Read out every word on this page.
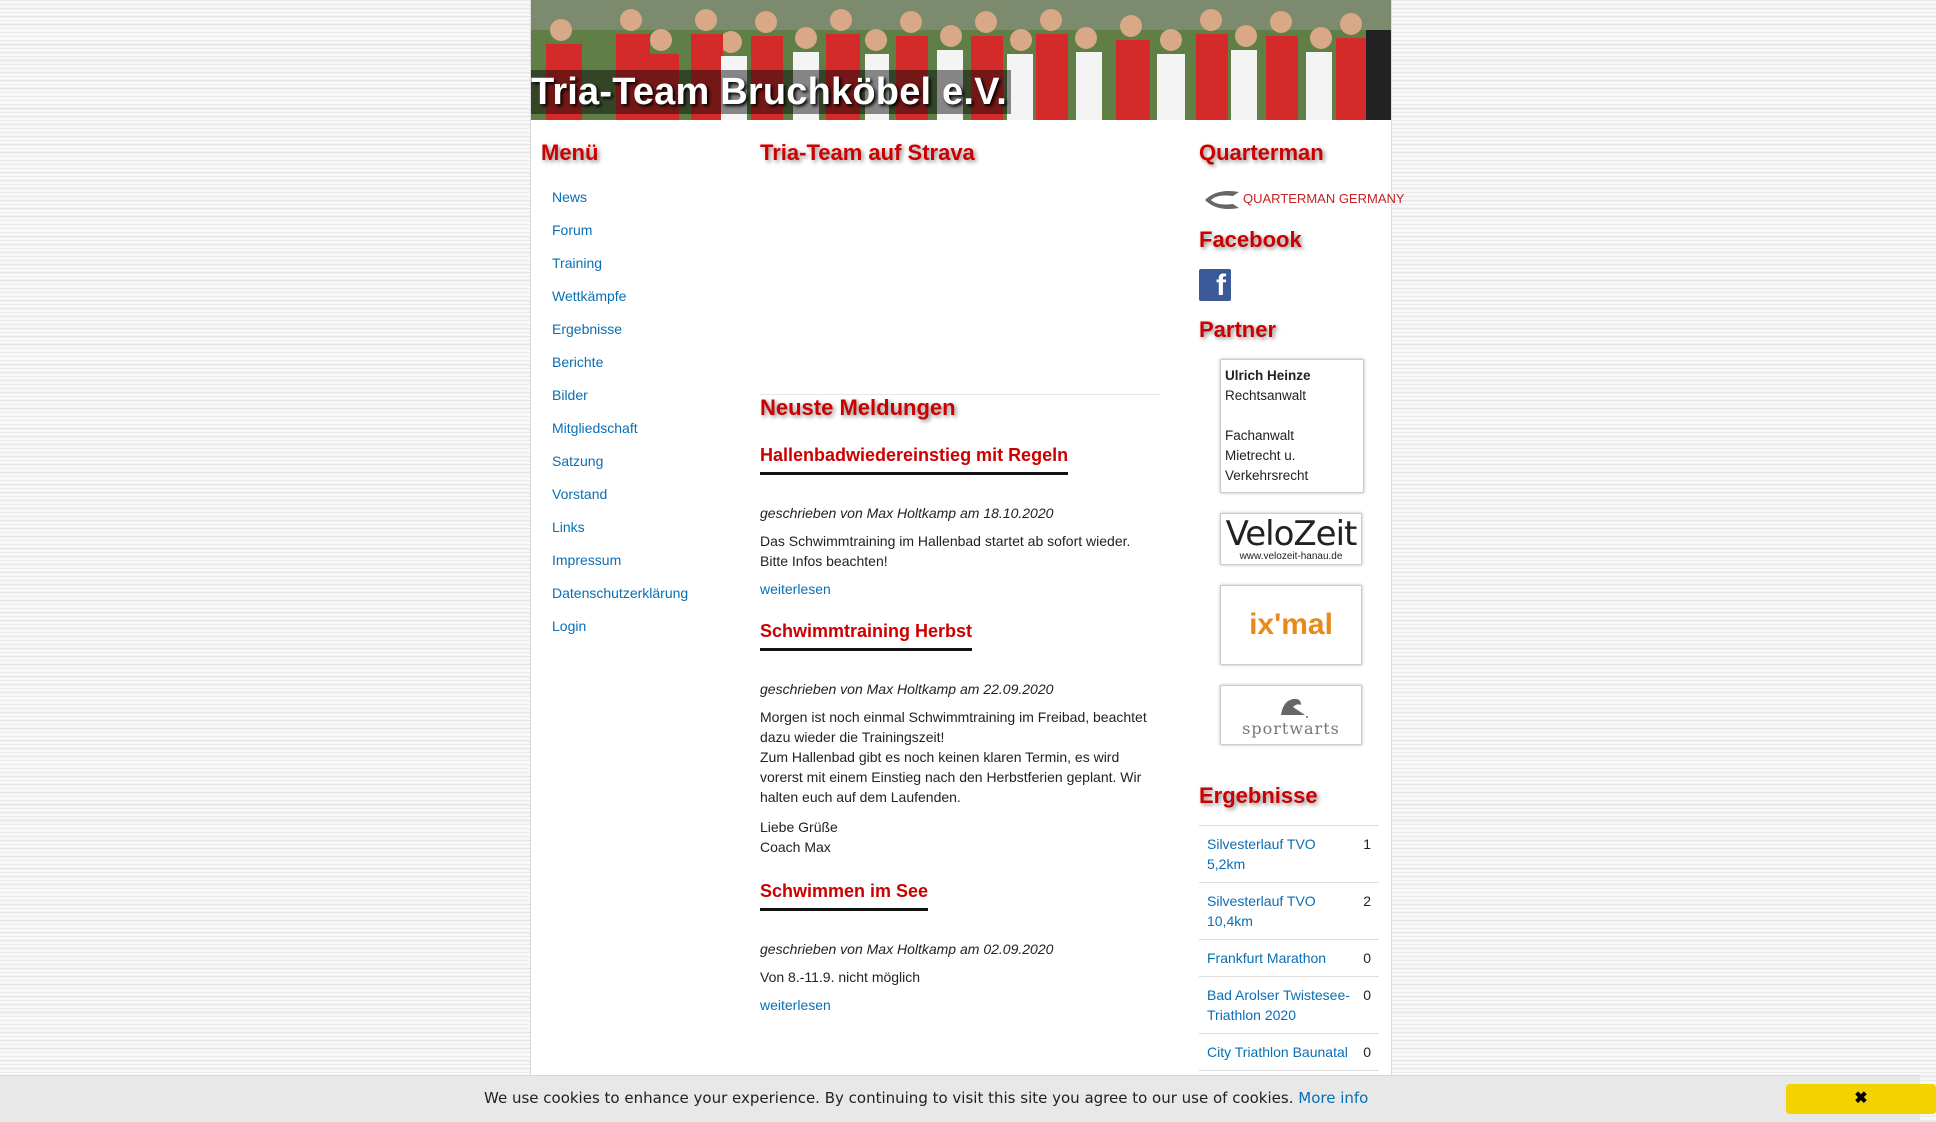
Tria-Team Bruchköbel e.V.
Menü
News
Forum
Training
Wettkämpfe
Ergebnisse
Berichte
Bilder
Mitgliedschaft
Satzung
Vorstand
Links
Impressum
Datenschutzerklärung
Login
Tria-Team auf Strava
Neuste Meldungen
Hallenbadwiedereinstieg mit Regeln
geschrieben von Max Holtkamp am 18.10.2020

Das Schwimmtraining im Hallenbad startet ab sofort wieder. Bitte Infos beachten!

weiterlesen
Schwimmtraining Herbst
geschrieben von Max Holtkamp am 22.09.2020

Morgen ist noch einmal Schwimmtraining im Freibad, beachtet dazu wieder die Trainingszeit!
Zum Hallenbad gibt es noch keinen klaren Termin, es wird vorerst mit einem Einstieg nach den Herbstferien geplant. Wir halten euch auf dem Laufenden.

Liebe Grüße
Coach Max

Schwimmen im See
geschrieben von Max Holtkamp am 02.09.2020

Von 8.-11.9. nicht möglich

weiterlesen
Quarterman
QUARTERMAN GERMANY
Facebook
f
Partner
Ulrich Heinze
Rechtsanwalt
Fachanwalt
Mietrecht u.
Verkehrsrecht
VeloZeit
www.velozeit-hanau.de
ix'mal
sportwarts
Ergebnisse
Silvesterlauf TVO 5,2km
1
Silvesterlauf TVO 10,4km
2
Frankfurt Marathon	0
Bad Arolser Twistesee-Triathlon 2020
0
City Triathlon Baunatal 0
We use cookies to enhance your experience. By continuing to visit this site you agree to our use of cookies. More info	✖
